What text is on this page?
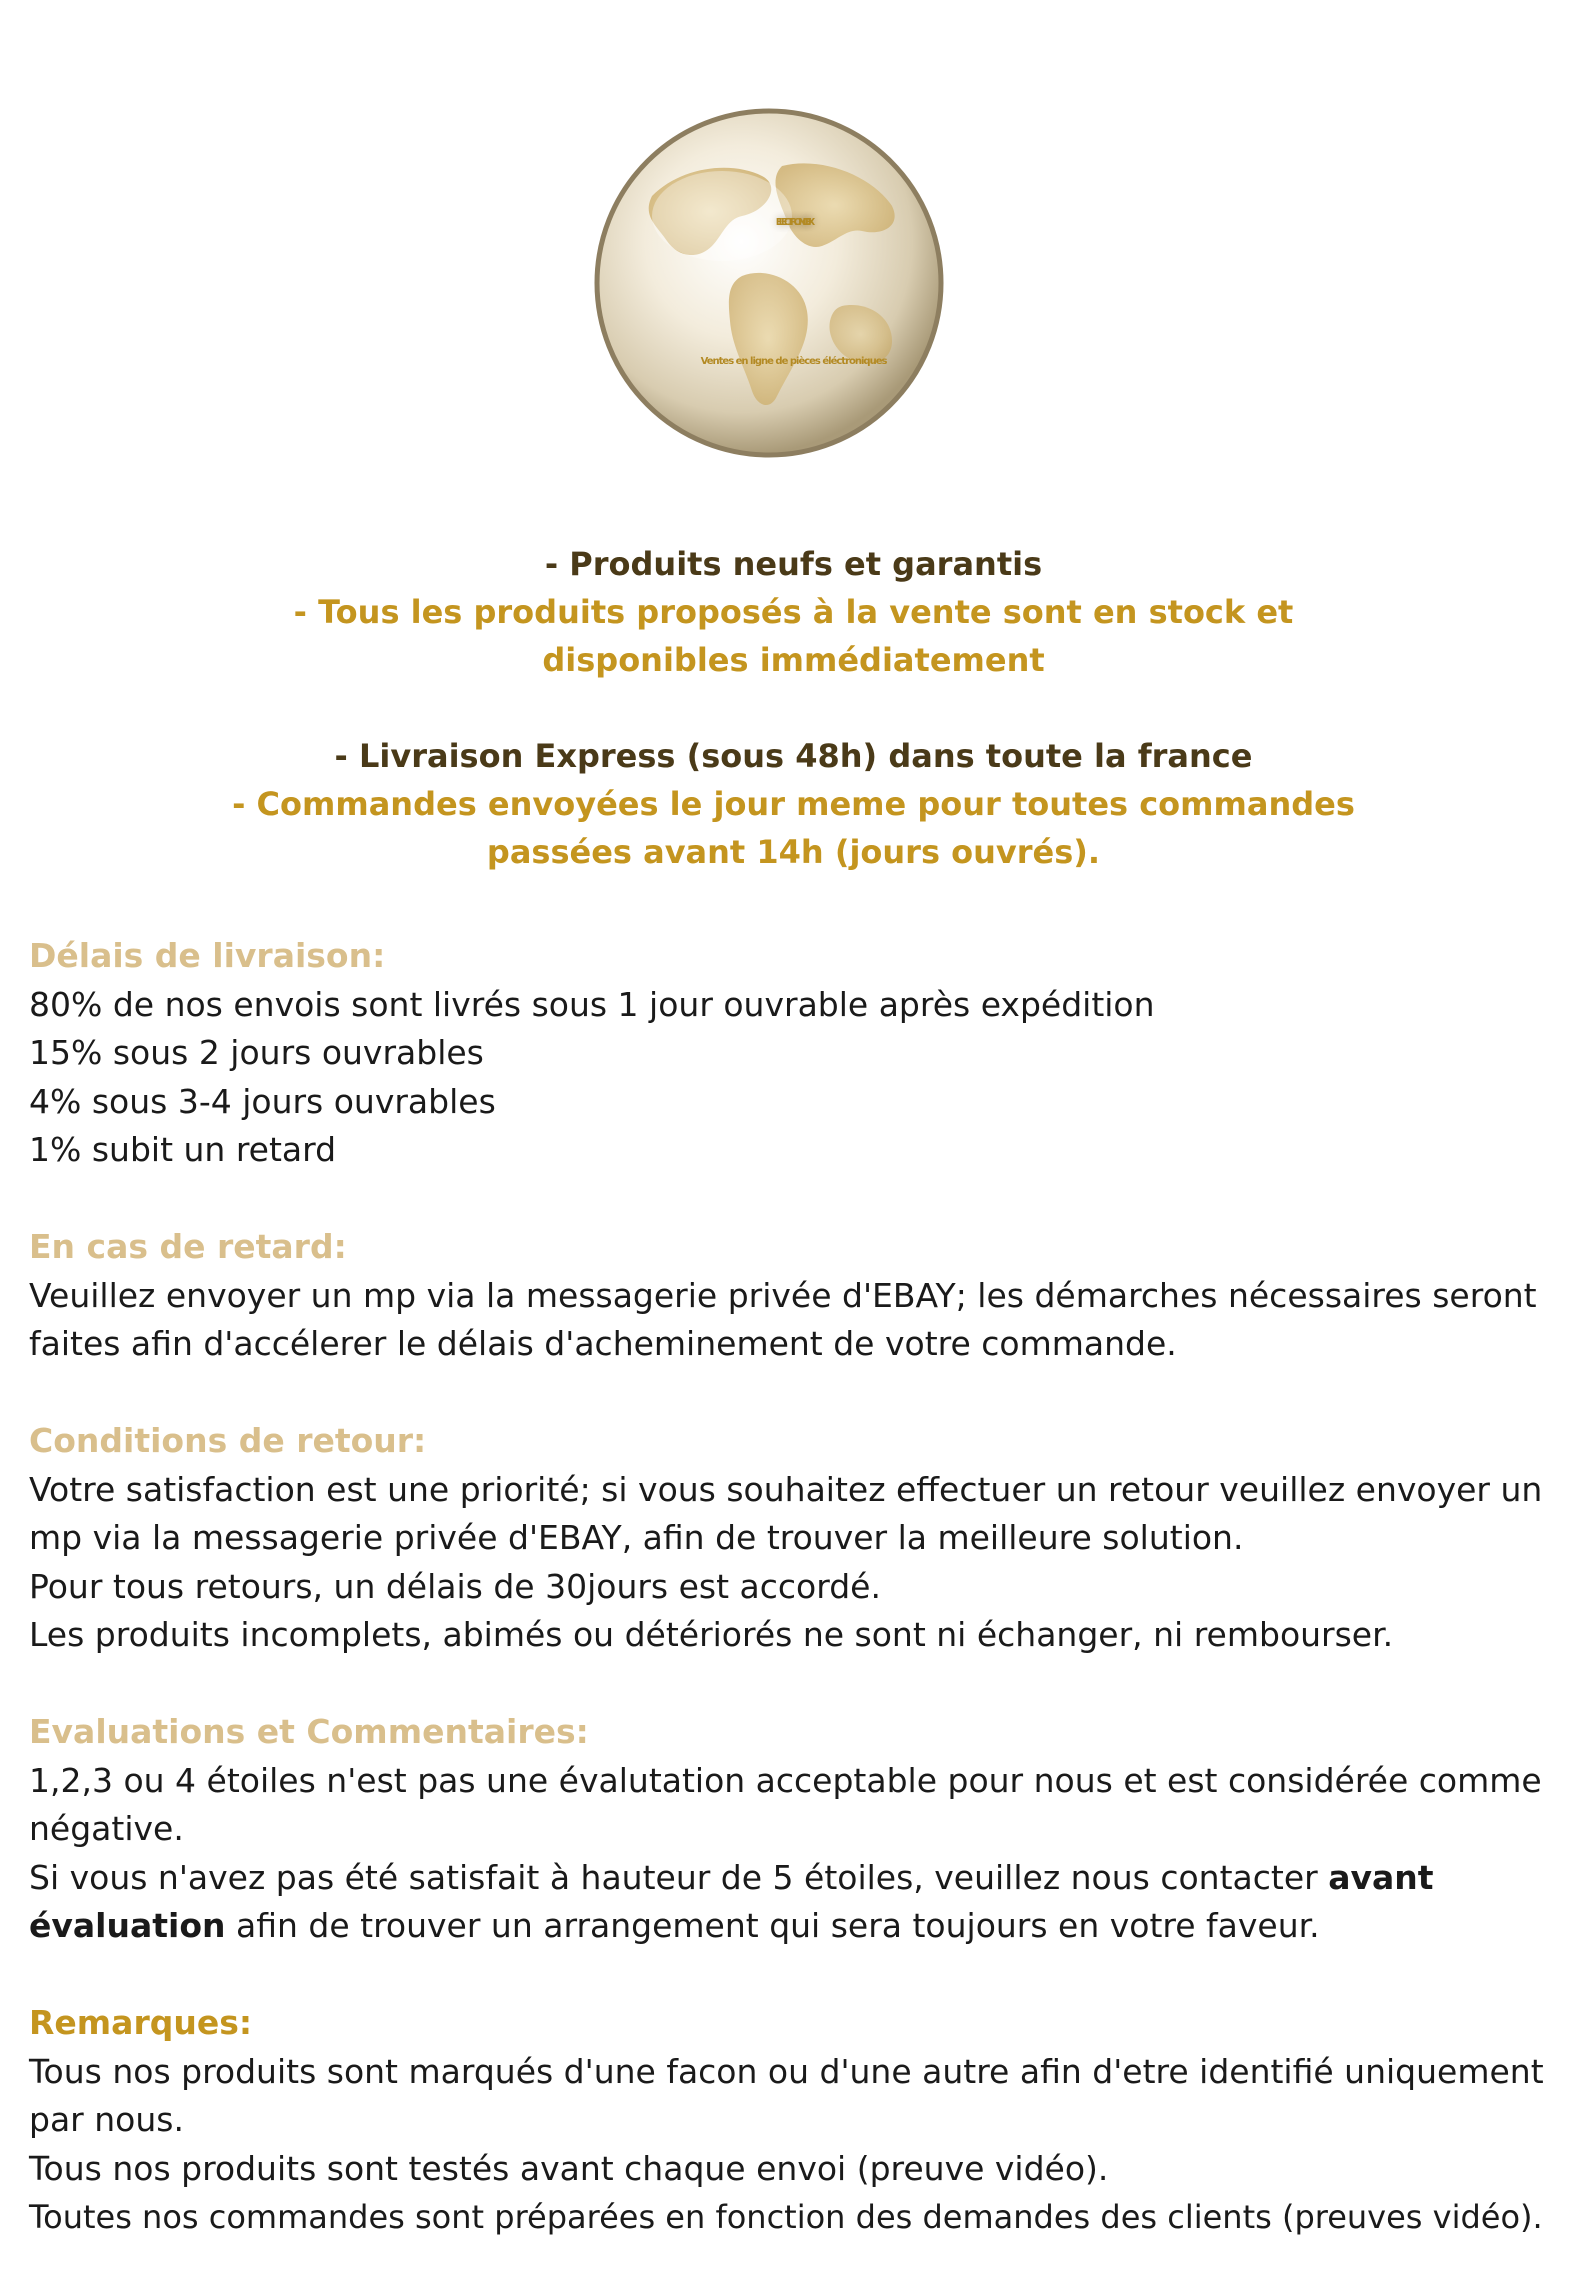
ELECTRONIC FIX
Ventes en ligne de pièces éléctroniques

- Produits neufs et garantis

- Tous les produits proposés à la vente sont en stock et

disponibles immédiatement

- Livraison Express (sous 48h) dans toute la france

- Commandes envoyées le jour meme pour toutes commandes

passées avant 14h (jours ouvrés).

Délais de livraison:

80% de nos envois sont livrés sous 1 jour ouvrable après expédition

15% sous 2 jours ouvrables

4% sous 3-4 jours ouvrables

1% subit un retard

En cas de retard:

Veuillez envoyer un mp via la messagerie privée d'EBAY; les démarches nécessaires seront

faites afin d'accélerer le délais d'acheminement de votre commande.

Conditions de retour:

Votre satisfaction est une priorité; si vous souhaitez effectuer un retour veuillez envoyer un

mp via la messagerie privée d'EBAY, afin de trouver la meilleure solution.

Pour tous retours, un délais de 30jours est accordé.

Les produits incomplets, abimés ou détériorés ne sont ni échanger, ni rembourser.

Evaluations et Commentaires:

1,2,3 ou 4 étoiles n'est pas une évalutation acceptable pour nous et est considérée comme

négative.

Si vous n'avez pas été satisfait à hauteur de 5 étoiles, veuillez nous contacter avant

évaluation afin de trouver un arrangement qui sera toujours en votre faveur.

Remarques:

Tous nos produits sont marqués d'une facon ou d'une autre afin d'etre identifié uniquement

par nous.

Tous nos produits sont testés avant chaque envoi (preuve vidéo).

Toutes nos commandes sont préparées en fonction des demandes des clients (preuves vidéo).
